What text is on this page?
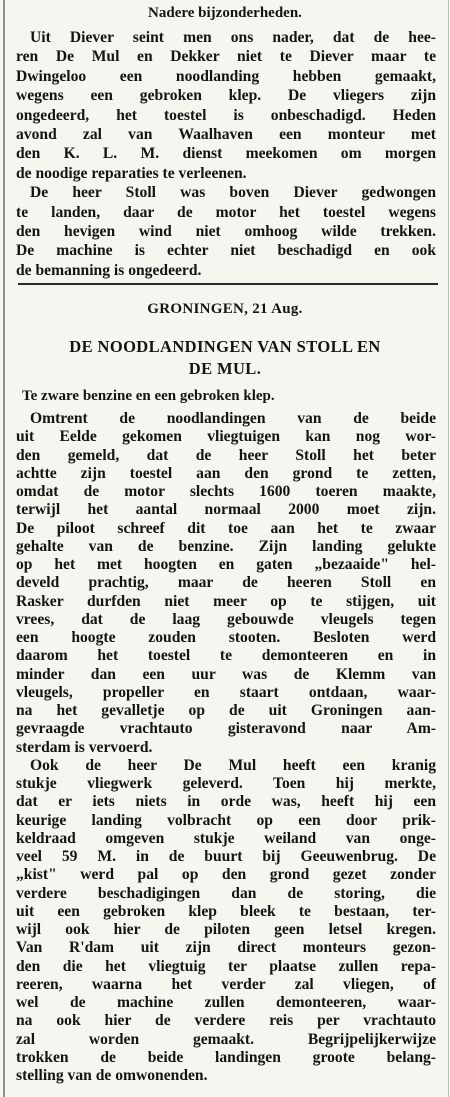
Nadere bijzonderheden.
Uit Diever seint men ons nader, dat de hee-
ren De Mul en Dekker niet te Diever maar te
Dwingeloo een noodlanding hebben gemaakt,
wegens een gebroken klep. De vliegers zijn
ongedeerd, het toestel is onbeschadigd. Heden
avond zal van Waalhaven een monteur met
den K. L. M. dienst meekomen om morgen
de noodige reparaties te verleenen.
De heer Stoll was boven Diever gedwongen
te landen, daar de motor het toestel wegens
den hevigen wind niet omhoog wilde trekken.
De machine is echter niet beschadigd en ook
de bemanning is ongedeerd.
GRONINGEN, 21 Aug.
DE NOODLANDINGEN VAN STOLL EN
DE MUL.
Te zware benzine en een gebroken klep.
Omtrent de noodlandingen van de beide
uit Eelde gekomen vliegtuigen kan nog wor-
den gemeld, dat de heer Stoll het beter
achtte zijn toestel aan den grond te zetten,
omdat de motor slechts 1600 toeren maakte,
terwijl het aantal normaal 2000 moet zijn.
De piloot schreef dit toe aan het te zwaar
gehalte van de benzine. Zijn landing gelukte
op het met hoogten en gaten „bezaaide" hel-
develd prachtig, maar de heeren Stoll en
Rasker durfden niet meer op te stijgen, uit
vrees, dat de laag gebouwde vleugels tegen
een hoogte zouden stooten. Besloten werd
daarom het toestel te demonteeren en in
minder dan een uur was de Klemm van
vleugels, propeller en staart ontdaan, waar-
na het gevalletje op de uit Groningen aan-
gevraagde vrachtauto gisteravond naar Am-
sterdam is vervoerd.
Ook de heer De Mul heeft een kranig
stukje vliegwerk geleverd. Toen hij merkte,
dat er iets niets in orde was, heeft hij een
keurige landing volbracht op een door prik-
keldraad omgeven stukje weiland van onge-
veel 59 M. in de buurt bij Geeuwenbrug. De
„kist" werd pal op den grond gezet zonder
verdere beschadigingen dan de storing, die
uit een gebroken klep bleek te bestaan, ter-
wijl ook hier de piloten geen letsel kregen.
Van R'dam uit zijn direct monteurs gezon-
den die het vliegtuig ter plaatse zullen repa-
reeren, waarna het verder zal vliegen, of
wel de machine zullen demonteeren, waar-
na ook hier de verdere reis per vrachtauto
zal worden gemaakt. Begrijpelijkerwijze
trokken de beide landingen groote belang-
stelling van de omwonenden.
